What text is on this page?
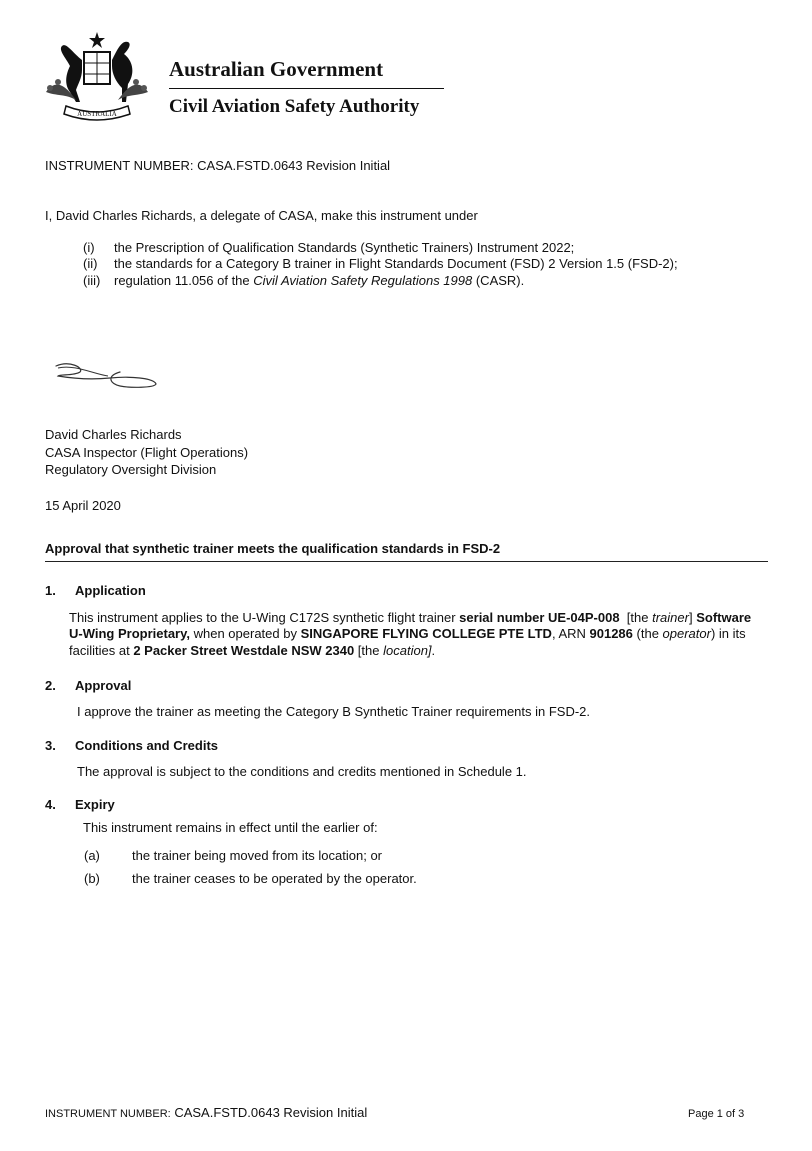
AUSTRALIA
Australian Government
Civil Aviation Safety Authority
INSTRUMENT NUMBER: CASA.FSTD.0643 Revision Initial
I, David Charles Richards, a delegate of CASA, make this instrument under
(i)	the Prescription of Qualification Standards (Synthetic Trainers) Instrument 2022;
(ii)	the standards for a Category B trainer in Flight Standards Document (FSD) 2 Version 1.5 (FSD-2);
(iii)	regulation 11.056 of the Civil Aviation Safety Regulations 1998 (CASR).
David Charles Richards
CASA Inspector (Flight Operations)
Regulatory Oversight Division
15 April 2020
Approval that synthetic trainer meets the qualification standards in FSD-2
1. Application
This instrument applies to the U-Wing C172S synthetic flight trainer serial number UE-04P-008  [the trainer] Software U-Wing Proprietary, when operated by SINGAPORE FLYING COLLEGE PTE LTD, ARN 901286 (the operator) in its facilities at 2 Packer Street Westdale NSW 2340 [the location].
2. Approval
I approve the trainer as meeting the Category B Synthetic Trainer requirements in FSD-2.
3. Conditions and Credits
The approval is subject to the conditions and credits mentioned in Schedule 1.
4. Expiry
This instrument remains in effect until the earlier of:
(a)	the trainer being moved from its location; or
(b)	the trainer ceases to be operated by the operator.
INSTRUMENT NUMBER: CASA.FSTD.0643 Revision Initial	Page 1 of 3
